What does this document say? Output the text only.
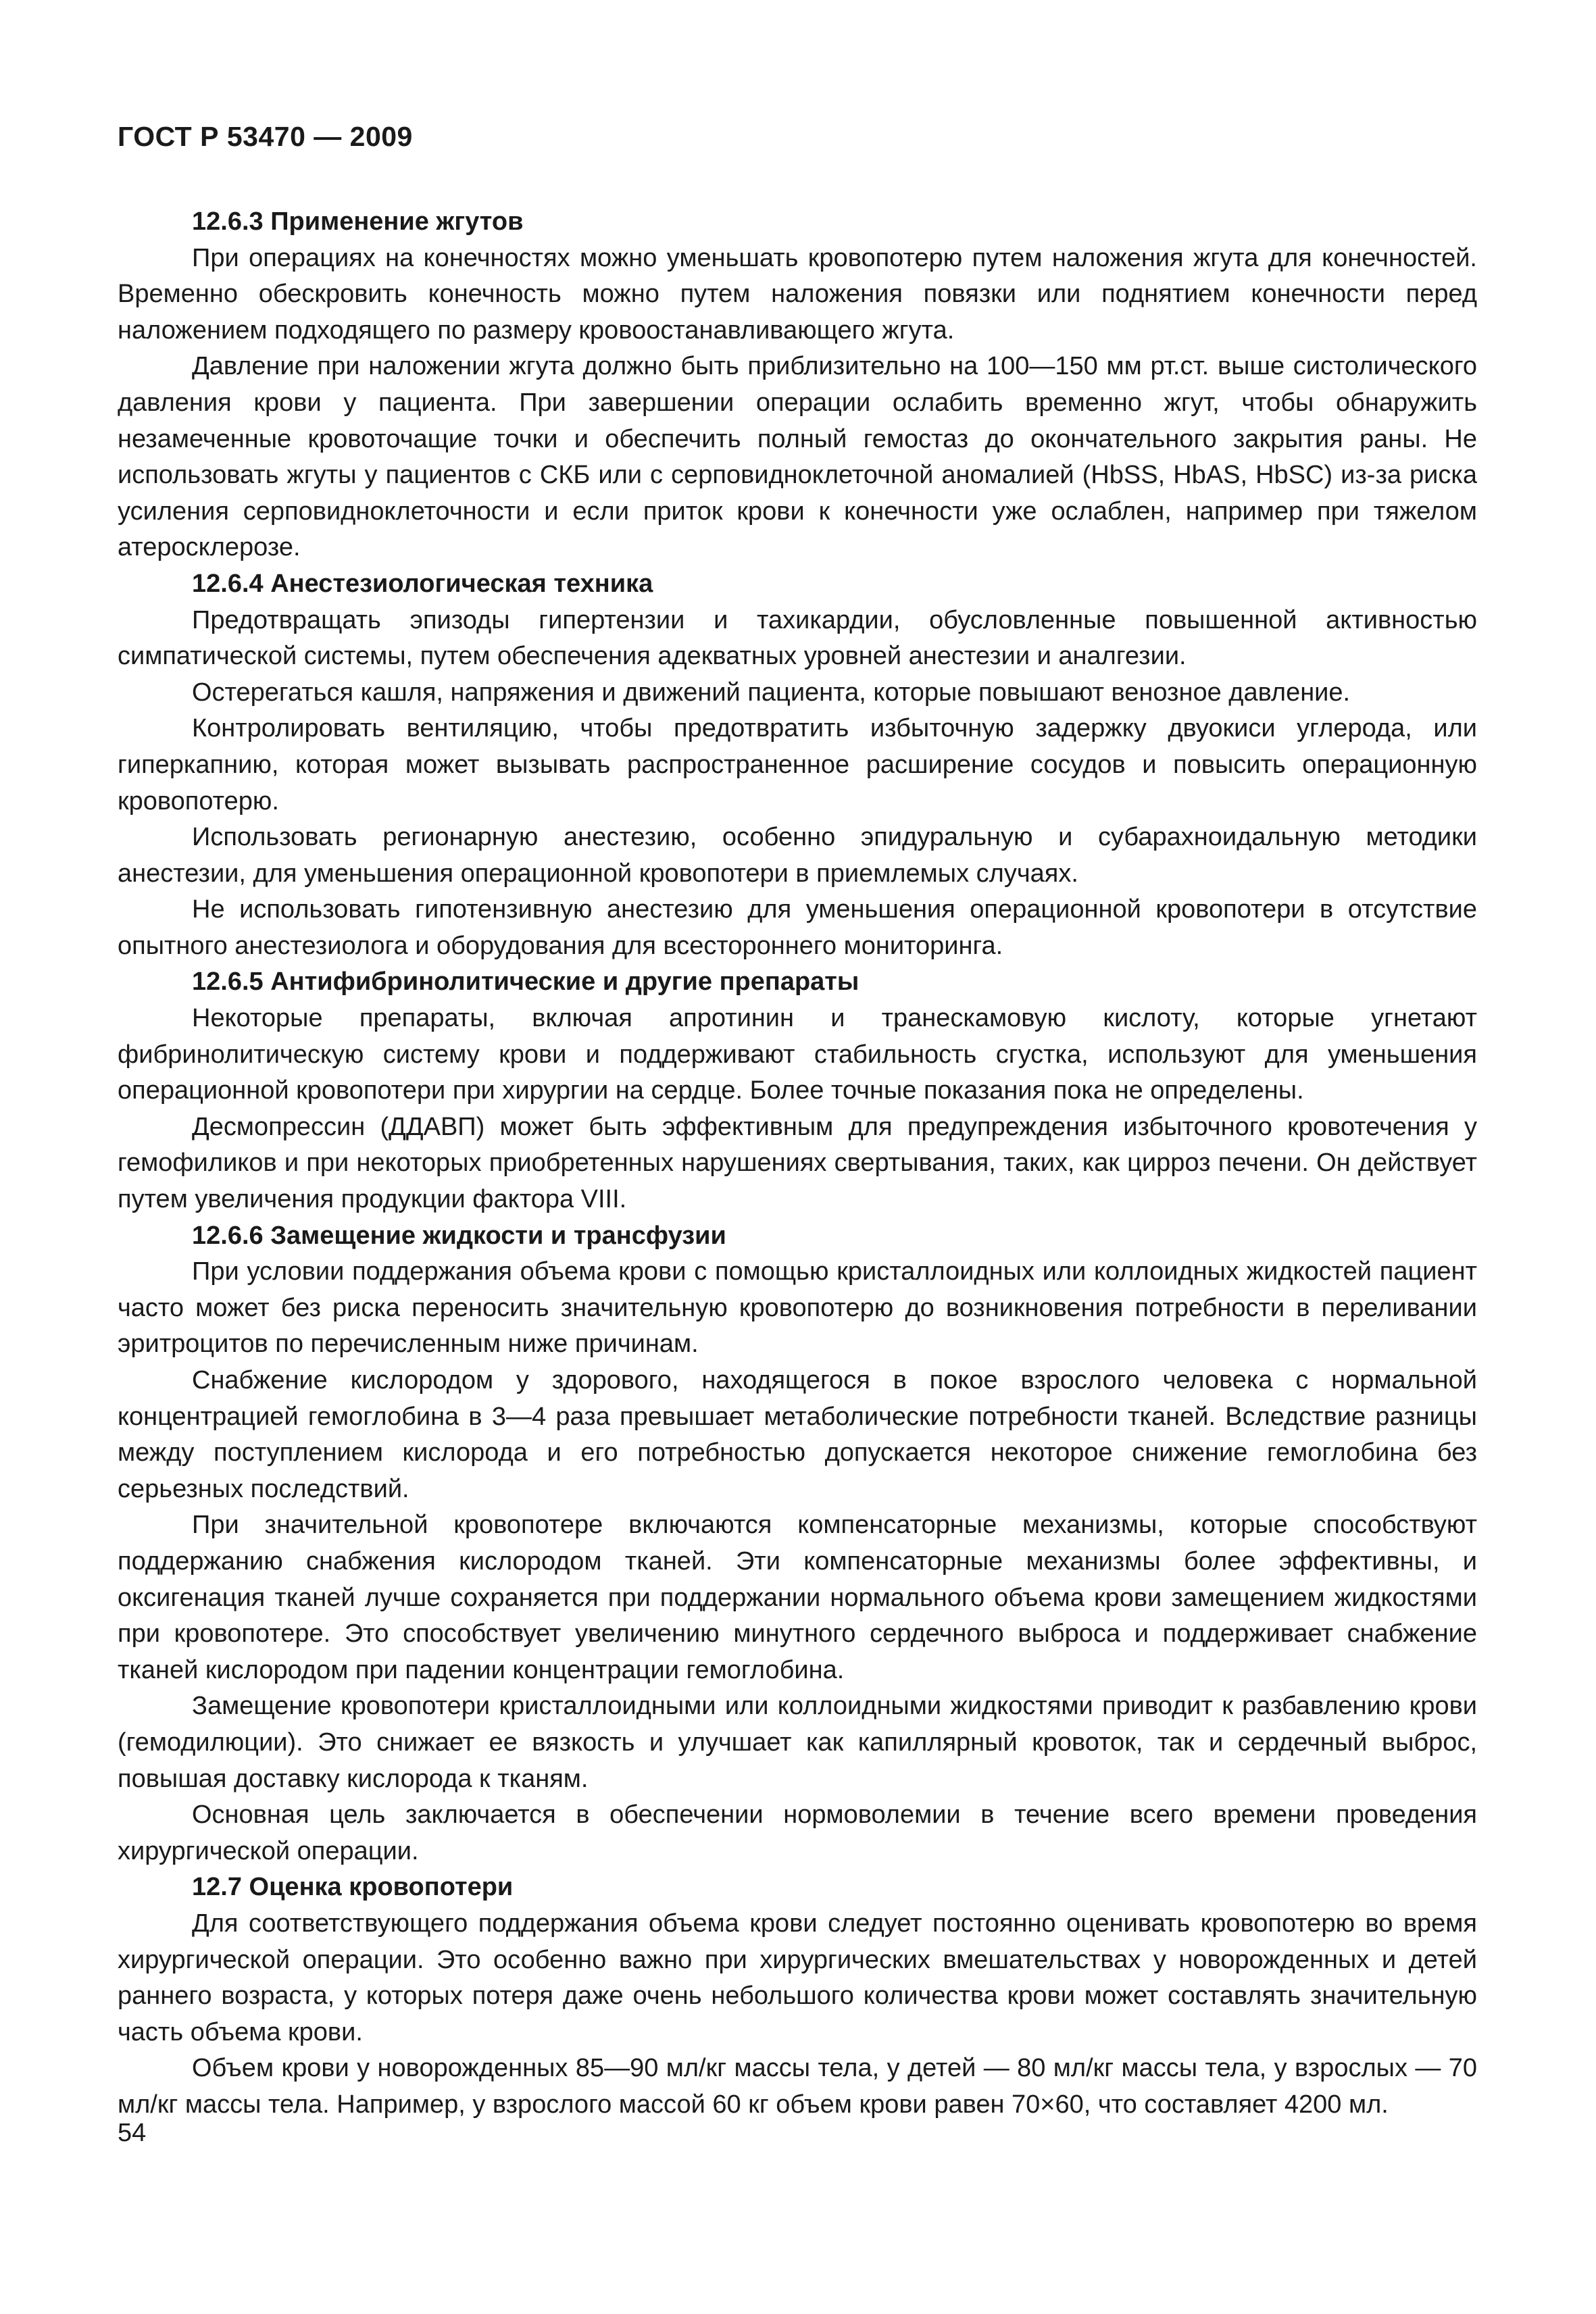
ГОСТ Р 53470 — 2009
12.6.3 Применение жгутов

При операциях на конечностях можно уменьшать кровопотерю путем наложения жгута для конечностей. Временно обескровить конечность можно путем наложения повязки или поднятием конечности перед наложением подходящего по размеру кровоостанавливающего жгута.

Давление при наложении жгута должно быть приблизительно на 100—150 мм рт.ст. выше систолического давления крови у пациента. При завершении операции ослабить временно жгут, чтобы обнаружить незамеченные кровоточащие точки и обеспечить полный гемостаз до окончательного закрытия раны. Не использовать жгуты у пациентов с СКБ или с серповидноклеточной аномалией (HbSS, HbAS, HbSC) из-за риска усиления серповидноклеточности и если приток крови к конечности уже ослаблен, например при тяжелом атеросклерозе.

12.6.4 Анестезиологическая техника

Предотвращать эпизоды гипертензии и тахикардии, обусловленные повышенной активностью симпатической системы, путем обеспечения адекватных уровней анестезии и аналгезии.

Остерегаться кашля, напряжения и движений пациента, которые повышают венозное давление.

Контролировать вентиляцию, чтобы предотвратить избыточную задержку двуокиси углерода, или гиперкапнию, которая может вызывать распространенное расширение сосудов и повысить операционную кровопотерю.

Использовать регионарную анестезию, особенно эпидуральную и субарахноидальную методики анестезии, для уменьшения операционной кровопотери в приемлемых случаях.

Не использовать гипотензивную анестезию для уменьшения операционной кровопотери в отсутствие опытного анестезиолога и оборудования для всестороннего мониторинга.

12.6.5 Антифибринолитические и другие препараты

Некоторые препараты, включая апротинин и транескамовую кислоту, которые угнетают фибринолитическую систему крови и поддерживают стабильность сгустка, используют для уменьшения операционной кровопотери при хирургии на сердце. Более точные показания пока не определены.

Десмопрессин (ДДАВП) может быть эффективным для предупреждения избыточного кровотечения у гемофиликов и при некоторых приобретенных нарушениях свертывания, таких, как цирроз печени. Он действует путем увеличения продукции фактора VIII.

12.6.6 Замещение жидкости и трансфузии

При условии поддержания объема крови с помощью кристаллоидных или коллоидных жидкостей пациент часто может без риска переносить значительную кровопотерю до возникновения потребности в переливании эритроцитов по перечисленным ниже причинам.

Снабжение кислородом у здорового, находящегося в покое взрослого человека с нормальной концентрацией гемоглобина в 3—4 раза превышает метаболические потребности тканей. Вследствие разницы между поступлением кислорода и его потребностью допускается некоторое снижение гемоглобина без серьезных последствий.

При значительной кровопотере включаются компенсаторные механизмы, которые способствуют поддержанию снабжения кислородом тканей. Эти компенсаторные механизмы более эффективны, и оксигенация тканей лучше сохраняется при поддержании нормального объема крови замещением жидкостями при кровопотере. Это способствует увеличению минутного сердечного выброса и поддерживает снабжение тканей кислородом при падении концентрации гемоглобина.

Замещение кровопотери кристаллоидными или коллоидными жидкостями приводит к разбавлению крови (гемодилюции). Это снижает ее вязкость и улучшает как капиллярный кровоток, так и сердечный выброс, повышая доставку кислорода к тканям.

Основная цель заключается в обеспечении нормоволемии в течение всего времени проведения хирургической операции.

12.7 Оценка кровопотери

Для соответствующего поддержания объема крови следует постоянно оценивать кровопотерю во время хирургической операции. Это особенно важно при хирургических вмешательствах у новорожденных и детей раннего возраста, у которых потеря даже очень небольшого количества крови может составлять значительную часть объема крови.

Объем крови у новорожденных 85—90 мл/кг массы тела, у детей — 80 мл/кг массы тела, у взрослых — 70 мл/кг массы тела. Например, у взрослого массой 60 кг объем крови равен 70×60, что составляет 4200 мл.

54
